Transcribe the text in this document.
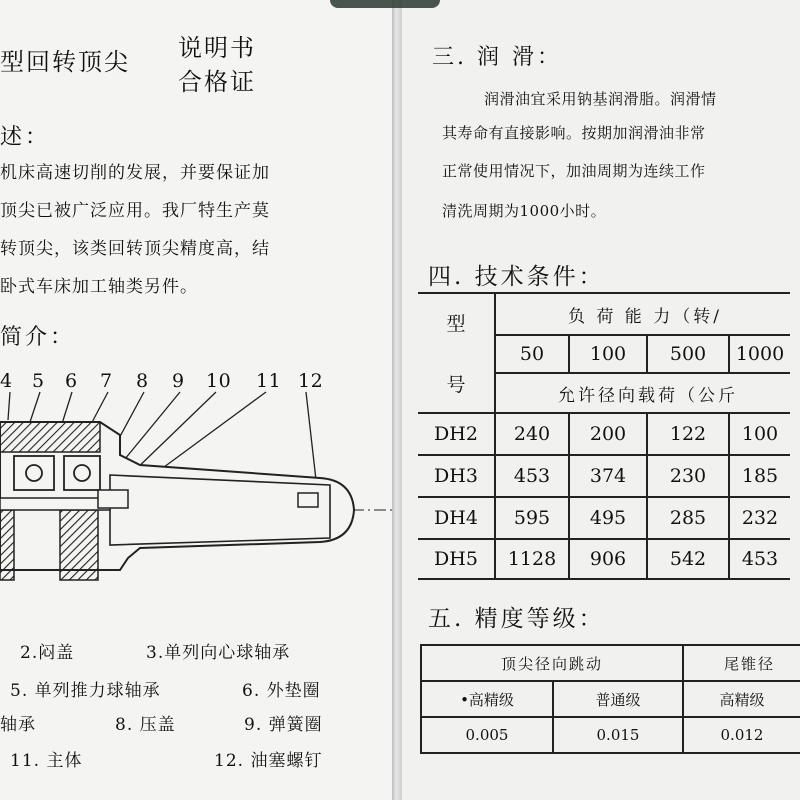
型回转顶尖 说明书
合格证
述：
机床高速切削的发展，并要保证加
顶尖已被广泛应用。我厂特生产莫
转顶尖，该类回转顶尖精度高，结
卧式车床加工轴类另件。
简介：
4 5 6 7 8 9 10 11 12
2.闷盖	3.单列向心球轴承
5. 单列推力球轴承	6. 外垫圈
轴承	8. 压盖	9. 弹簧圈
11. 主体	12. 油塞螺钉
三. 润 滑：
润滑油宜采用钠基润滑脂。润滑情
其寿命有直接影响。按期加润滑油非常
正常使用情况下，加油周期为连续工作
清洗周期为1000小时。
四. 技术条件：
型
号	负 荷 能 力（转/			
	50	100	500	1000
	允许径向载荷（公斤			
DH2	240	200	122	100
DH3	453	374	230	185
DH4	595	495	285	232
DH5	1128	906	542	453
五. 精度等级：
顶尖径向跳动		尾锥径
•高精级	普通级	高精级
0.005	0.015	0.012
